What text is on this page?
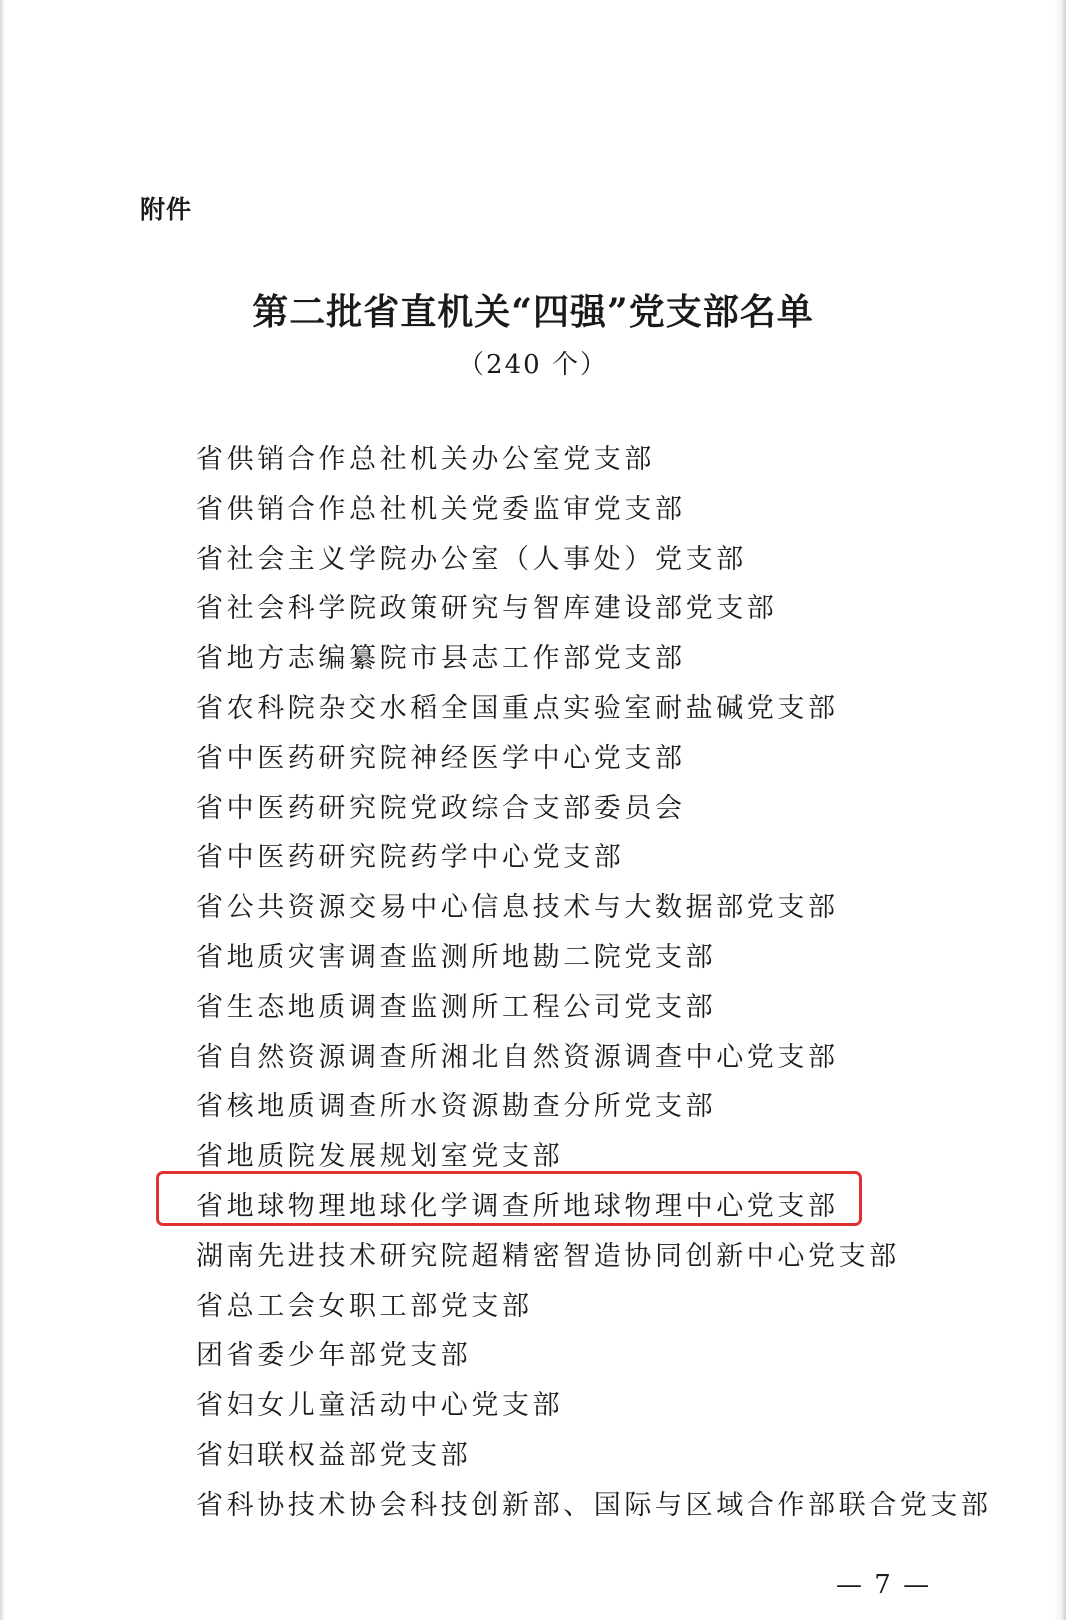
附件
第二批省直机关“四强”党支部名单
（240 个）
省供销合作总社机关办公室党支部
省供销合作总社机关党委监审党支部
省社会主义学院办公室（人事处）党支部
省社会科学院政策研究与智库建设部党支部
省地方志编纂院市县志工作部党支部
省农科院杂交水稻全国重点实验室耐盐碱党支部
省中医药研究院神经医学中心党支部
省中医药研究院党政综合支部委员会
省中医药研究院药学中心党支部
省公共资源交易中心信息技术与大数据部党支部
省地质灾害调查监测所地勘二院党支部
省生态地质调查监测所工程公司党支部
省自然资源调查所湘北自然资源调查中心党支部
省核地质调查所水资源勘查分所党支部
省地质院发展规划室党支部
省地球物理地球化学调查所地球物理中心党支部
湖南先进技术研究院超精密智造协同创新中心党支部
省总工会女职工部党支部
团省委少年部党支部
省妇女儿童活动中心党支部
省妇联权益部党支部
省科协技术协会科技创新部、国际与区域合作部联合党支部
— 7 —
